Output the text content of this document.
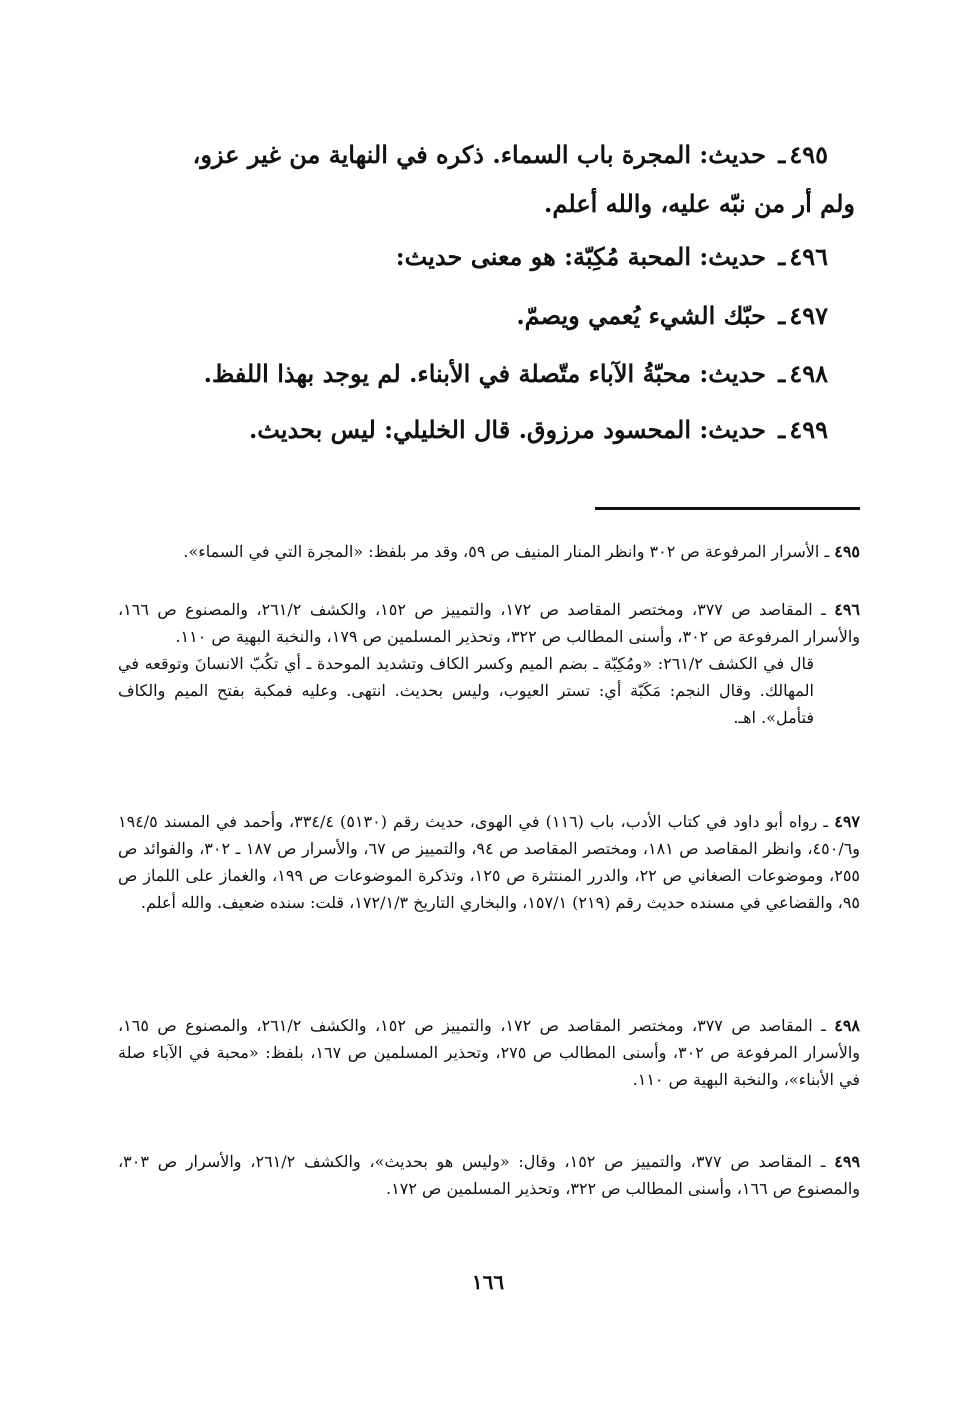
٤٩٥ـ حديث: المجرة باب السماء. ذكره في النهاية من غير عزو،
ولم أر من نبّه عليه، والله أعلم.
٤٩٦ـ حديث: المحبة مُكِبّة: هو معنى حديث:
٤٩٧ـ حبّك الشيء يُعمي ويصمّ.
٤٩٨ـ حديث: محبّةُ الآباء متّصلة في الأبناء. لم يوجد بهذا اللفظ.
٤٩٩ـ حديث: المحسود مرزوق. قال الخليلي: ليس بحديث.
٤٩٥ ـ الأسرار المرفوعة ص ٣٠٢ وانظر المنار المنيف ص ٥٩، وقد مر بلفظ: «المجرة التي في السماء».
٤٩٦ ـ المقاصد ص ٣٧٧، ومختصر المقاصد ص ١٧٢، والتمييز ص ١٥٢، والكشف ٢٦١/٢، والمصنوع ص ١٦٦، والأسرار المرفوعة ص ٣٠٢، وأسنى المطالب ص ٣٢٢، وتحذير المسلمين ص ١٧٩، والنخبة البهية ص ١١٠.
قال في الكشف ٢٦١/٢: «ومُكِبّة ـ بضم الميم وكسر الكاف وتشديد الموحدة ـ أي تكُبّ الانسانَ وتوقعه في المهالك. وقال النجم: مَكَبّة أي: تستر العيوب، وليس بحديث. انتهى. وعليه فمكبة بفتح الميم والكاف فتأمل». اهـ.
٤٩٧ ـ رواه أبو داود في كتاب الأدب، باب (١١٦) في الهوى، حديث رقم (٥١٣٠) ٣٣٤/٤، وأحمد في المسند ١٩٤/٥ و٤٥٠/٦، وانظر المقاصد ص ١٨١، ومختصر المقاصد ص ٩٤، والتمييز ص ٦٧، والأسرار ص ١٨٧ ـ ٣٠٢، والفوائد ص ٢٥٥، وموضوعات الصغاني ص ٢٢، والدرر المنتثرة ص ١٢٥، وتذكرة الموضوعات ص ١٩٩، والغماز على اللماز ص ٩٥، والقضاعي في مسنده حديث رقم (٢١٩) ١٥٧/١، والبخاري التاريخ ١٧٢/١/٣، قلت: سنده ضعيف. والله أعلم.
٤٩٨ ـ المقاصد ص ٣٧٧، ومختصر المقاصد ص ١٧٢، والتمييز ص ١٥٢، والكشف ٢٦١/٢، والمصنوع ص ١٦٥، والأسرار المرفوعة ص ٣٠٢، وأسنى المطالب ص ٢٧٥، وتحذير المسلمين ص ١٦٧، بلفظ: «محبة في الآباء صلة في الأبناء»، والنخبة البهية ص ١١٠.
٤٩٩ ـ المقاصد ص ٣٧٧، والتمييز ص ١٥٢، وقال: «وليس هو بحديث»، والكشف ٢٦١/٢، والأسرار ص ٣٠٣، والمصنوع ص ١٦٦، وأسنى المطالب ص ٣٢٢، وتحذير المسلمين ص ١٧٢.
١٦٦
